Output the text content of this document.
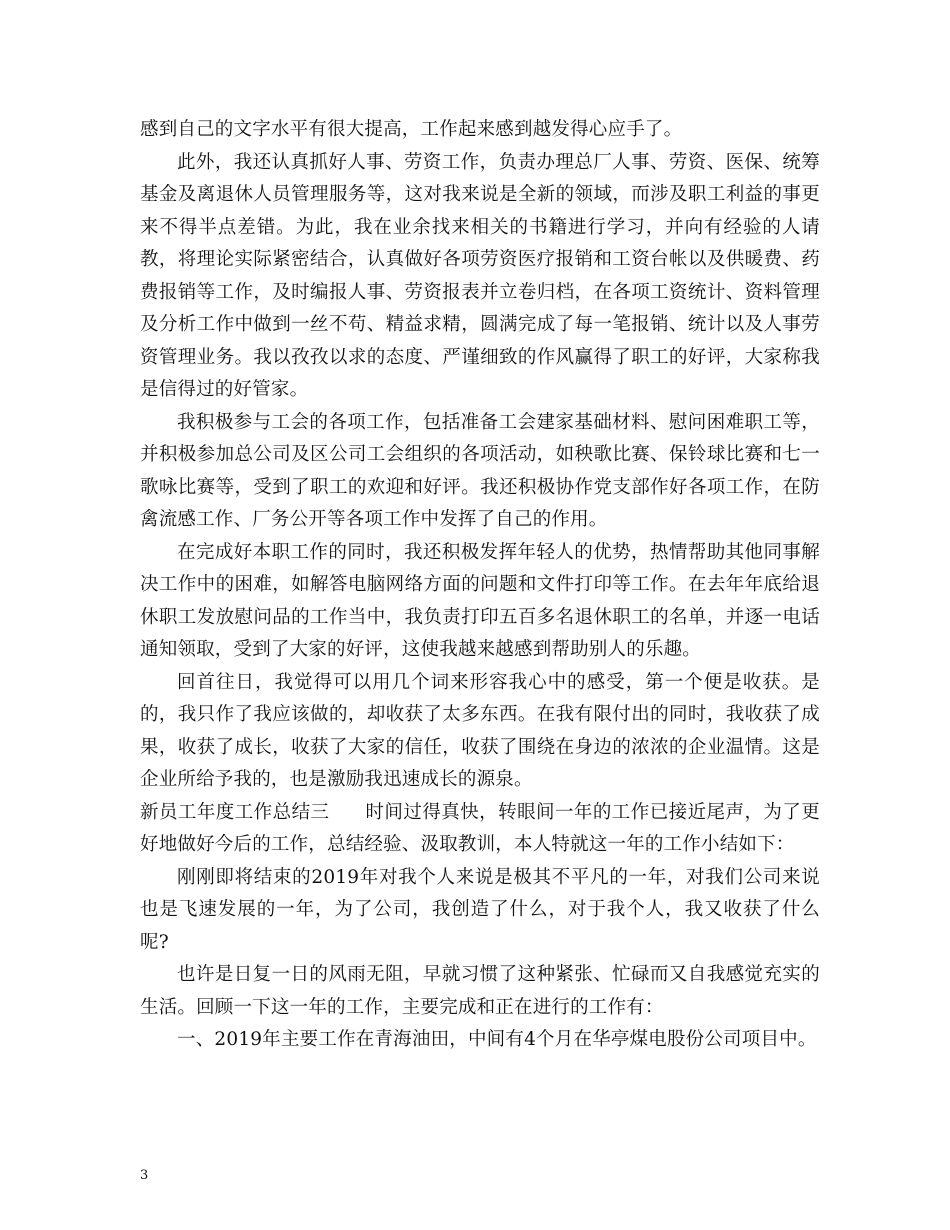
感到自己的文字水平有很大提高，工作起来感到越发得心应手了。

此外，我还认真抓好人事、劳资工作，负责办理总厂人事、劳资、医保、统筹基金及离退休人员管理服务等，这对我来说是全新的领域，而涉及职工利益的事更来不得半点差错。为此，我在业余找来相关的书籍进行学习，并向有经验的人请教，将理论实际紧密结合，认真做好各项劳资医疗报销和工资台帐以及供暖费、药费报销等工作，及时编报人事、劳资报表并立卷归档，在各项工资统计、资料管理及分析工作中做到一丝不苟、精益求精，圆满完成了每一笔报销、统计以及人事劳资管理业务。我以孜孜以求的态度、严谨细致的作风赢得了职工的好评，大家称我是信得过的好管家。

我积极参与工会的各项工作，包括准备工会建家基础材料、慰问困难职工等，并积极参加总公司及区公司工会组织的各项活动，如秧歌比赛、保铃球比赛和七一歌咏比赛等，受到了职工的欢迎和好评。我还积极协作党支部作好各项工作，在防禽流感工作、厂务公开等各项工作中发挥了自己的作用。

在完成好本职工作的同时，我还积极发挥年轻人的优势，热情帮助其他同事解决工作中的困难，如解答电脑网络方面的问题和文件打印等工作。在去年年底给退休职工发放慰问品的工作当中，我负责打印五百多名退休职工的名单，并逐一电话通知领取，受到了大家的好评，这使我越来越感到帮助别人的乐趣。

回首往日，我觉得可以用几个词来形容我心中的感受，第一个便是收获。是的，我只作了我应该做的，却收获了太多东西。在我有限付出的同时，我收获了成果，收获了成长，收获了大家的信任，收获了围绕在身边的浓浓的企业温情。这是企业所给予我的，也是激励我迅速成长的源泉。

新员工年度工作总结三 时间过得真快，转眼间一年的工作已接近尾声，为了更好地做好今后的工作，总结经验、汲取教训，本人特就这一年的工作小结如下：

刚刚即将结束的2019年对我个人来说是极其不平凡的一年，对我们公司来说也是飞速发展的一年，为了公司，我创造了什么，对于我个人，我又收获了什么呢?

也许是日复一日的风雨无阻，早就习惯了这种紧张、忙碌而又自我感觉充实的生活。回顾一下这一年的工作，主要完成和正在进行的工作有：

一、2019年主要工作在青海油田，中间有4个月在华亭煤电股份公司项目中。

3
